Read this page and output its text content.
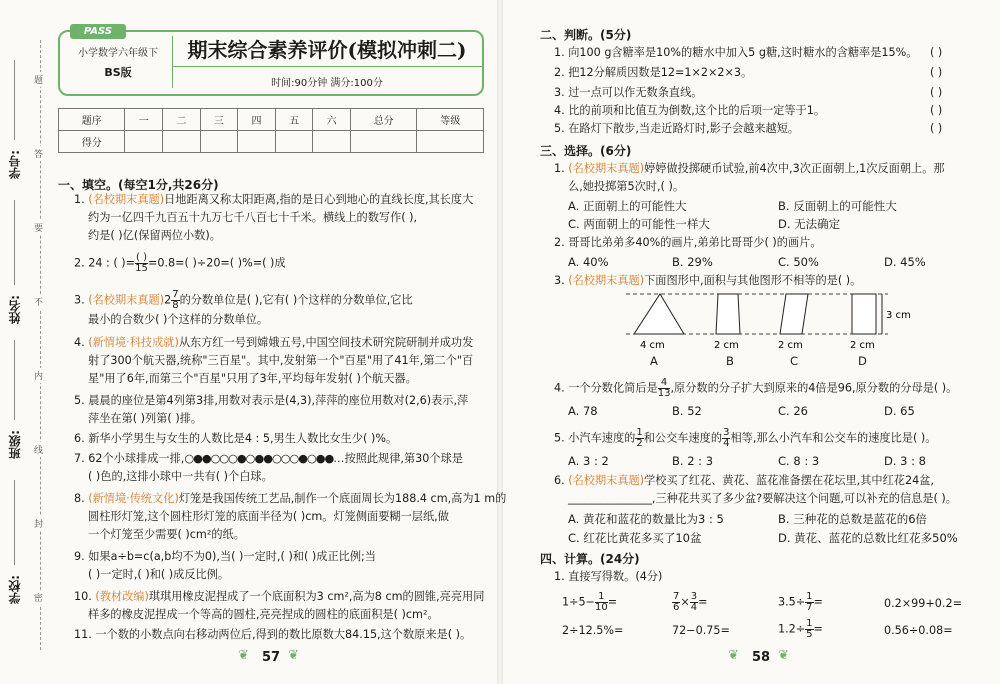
学号:
姓名:
班级:
学校:
题
答
要
不
内
线
封
密
PASS
小学数学六年级下
BS版
期末综合素养评价(模拟冲刺二)
时间:90分钟 满分:100分
题序	一	二	三	四	五	六	总分	等级
得分								
一、填空。(每空1分,共26分)
1. (名校期末真题)日地距离又称太阳距离,指的是日心到地心的直线长度,其长度大
约为一亿四千九百五十九万七千八百七十千米。横线上的数写作( ),
约是( )亿(保留两位小数)。
2. 24 : ( )= $\frac{( )}{15} =0.8=$( )÷20=( )%=( )成
3. (名校期末真题)$2 \frac{7}{8}$ 的分数单位是( ),它有( )个这样的分数单位,它比
最小的合数少( )个这样的分数单位。
4. (新情境·科技成就)从东方红一号到嫦娥五号,中国空间技术研究院研制并成功发
射了300个航天器,统称"三百星"。其中,发射第一个"百星"用了41年,第二个"百
星"用了6年,而第三个"百星"只用了3年,平均每年发射( )个航天器。
5. 晨晨的座位是第4列第3排,用数对表示是(4,3),萍萍的座位用数对(2,6)表示,萍
萍坐在第( )列第( )排。
6. 新华小学男生与女生的人数比是4 : 5,男生人数比女生少( )%。
7. 62个小球排成一排,○●●○○○●○●●○○○●○●●…按照此规律,第30个球是
( )色的,这排小球中一共有( )个白球。
8. (新情境·传统文化)灯笼是我国传统工艺品,制作一个底面周长为188.4 cm,高为1 m的
圆柱形灯笼,这个圆柱形灯笼的底面半径为( )cm。灯笼侧面要糊一层纸,做
一个灯笼至少需要( )cm²的纸。
9. 如果a÷b=c(a,b均不为0),当( )一定时,( )和( )成正比例;当
( )一定时,( )和( )成反比例。
10. (教材改编)琪琪用橡皮泥捏成了一个底面积为3 cm²,高为8 cm的圆锥,亮亮用同
样多的橡皮泥捏成一个等高的圆柱,亮亮捏成的圆柱的底面积是( )cm²。
11. 一个数的小数点向右移动两位后,得到的数比原数大84.15,这个数原来是( )。
❦ 57 ❦
二、判断。(5分)
1. 向100 g含糖率是10%的糖水中加入5 g糖,这时糖水的含糖率是15%。 ( )
2. 把12分解质因数是12=1×2×2×3。	( )
3. 过一点可以作无数条直线。	( )
4. 比的前项和比值互为倒数,这个比的后项一定等于1。	( )
5. 在路灯下散步,当走近路灯时,影子会越来越短。	( )
三、选择。(6分)
1. (名校期末真题)婷婷做投掷硬币试验,前4次中,3次正面朝上,1次反面朝上。那
么,她投掷第5次时,( )。
A. 正面朝上的可能性大	B. 反面朝上的可能性大
C. 两面朝上的可能性一样大	D. 无法确定
2. 哥哥比弟弟多40%的画片,弟弟比哥哥少( )的画片。
A. 40%	B. 29%	C. 50%	D. 45%
3. (名校期末真题)下面图形中,面积与其他图形不相等的是( )。
4 cm	2 cm	2 cm	2 cm
3 cm
A	B	C	D
4. 一个分数化简后是 $\frac{4}{13}$ ,原分数的分子扩大到原来的4倍是96,原分数的分母是( )。
A. 78	B. 52	C. 26	D. 65
5. 小汽车速度的 $\frac{1}{2}$ 和公交车速度的 $\frac{3}{4}$ 相等,那么小汽车和公交车的速度比是( )。
A. 3 : 2	B. 2 : 3	C. 8 : 3	D. 3 : 8
6. (名校期末真题)学校买了红花、黄花、蓝花准备摆在花坛里,其中红花24盆,
_______________,三种花共买了多少盆?要解决这个问题,可以补充的信息是( )。
A. 黄花和蓝花的数量比为3 : 5	B. 三种花的总数是蓝花的6倍
C. 红花比黄花多买了10盆	D. 黄花、蓝花的总数比红花多50%
四、计算。(24分)
1. 直接写得数。(4分)
$1\div 5- \frac{1}{10}$ =	$\frac{7}{6} \times \frac{3}{4}$ =	$3.5\div \frac{1}{7}$ =	0.2×99+0.2=
2÷12.5%=	72−0.75=	$1.2\div \frac{1}{5}$ =	0.56÷0.08=
❦ 58 ❦
